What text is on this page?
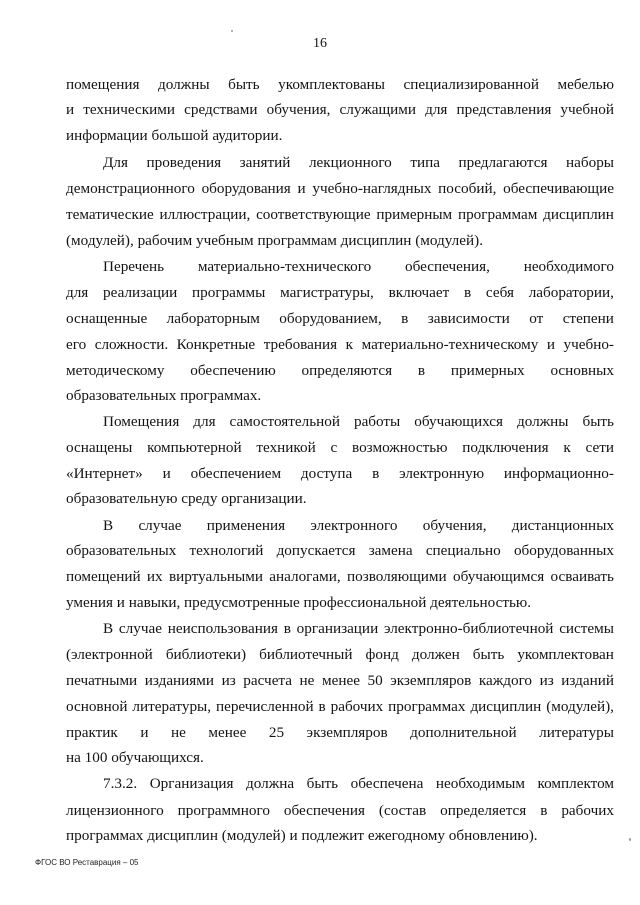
16
помещения должны быть укомплектованы специализированной мебелью
и техническими средствами обучения, служащими для представления учебной
информации большой аудитории.
Для проведения занятий лекционного типа предлагаются наборы
демонстрационного оборудования и учебно-наглядных пособий, обеспечивающие
тематические иллюстрации, соответствующие примерным программам дисциплин
(модулей), рабочим учебным программам дисциплин (модулей).
Перечень материально-технического обеспечения, необходимого
для реализации программы магистратуры, включает в себя лаборатории,
оснащенные лабораторным оборудованием, в зависимости от степени
его сложности. Конкретные требования к материально-техническому и учебно-
методическому обеспечению определяются в примерных основных
образовательных программах.
Помещения для самостоятельной работы обучающихся должны быть
оснащены компьютерной техникой с возможностью подключения к сети
«Интернет» и обеспечением доступа в электронную информационно-
образовательную среду организации.
В случае применения электронного обучения, дистанционных
образовательных технологий допускается замена специально оборудованных
помещений их виртуальными аналогами, позволяющими обучающимся осваивать
умения и навыки, предусмотренные профессиональной деятельностью.
В случае неиспользования в организации электронно-библиотечной системы
(электронной библиотеки) библиотечный фонд должен быть укомплектован
печатными изданиями из расчета не менее 50 экземпляров каждого из изданий
основной литературы, перечисленной в рабочих программах дисциплин (модулей),
практик и не менее 25 экземпляров дополнительной литературы
на 100 обучающихся.
7.3.2. Организация должна быть обеспечена необходимым комплектом
лицензионного программного обеспечения (состав определяется в рабочих
программах дисциплин (модулей) и подлежит ежегодному обновлению).
ФГОС ВО Реставрация – 05
